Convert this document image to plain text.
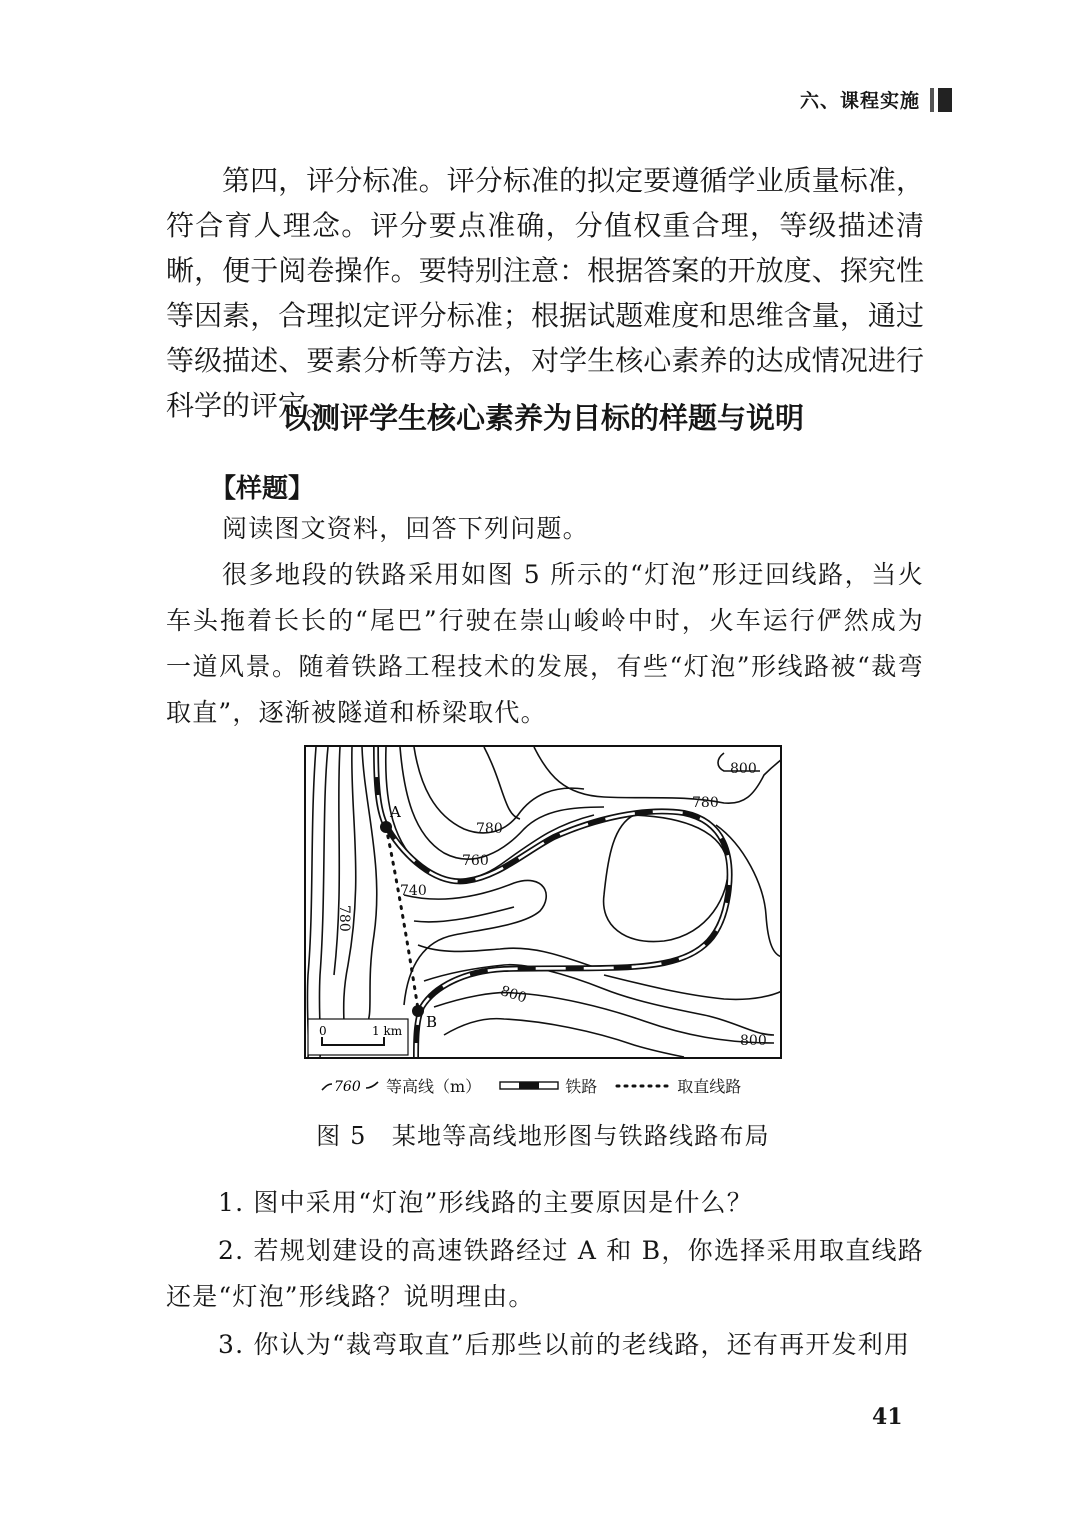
六、课程实施

第四，评分标准。评分标准的拟定要遵循学业质量标准，符合育人理念。评分要点准确，分值权重合理，等级描述清晰，便于阅卷操作。要特别注意：根据答案的开放度、探究性等因素，合理拟定评分标准；根据试题难度和思维含量，通过等级描述、要素分析等方法，对学生核心素养的达成情况进行科学的评定。

以测评学生核心素养为目标的样题与说明
【样题】

阅读图文资料，回答下列问题。

很多地段的铁路采用如图 5 所示的“灯泡”形迂回线路，当火车头拖着长长的“尾巴”行驶在崇山峻岭中时，火车运行俨然成为一道风景。随着铁路工程技术的发展，有些“灯泡”形线路被“裁弯取直”，逐渐被隧道和桥梁取代。

A
B
800
780
780
760
740
780
800
800
0	1 km
760 等高线（m）	铁路	取直线路
图 5　某地等高线地形图与铁路线路布局

1. 图中采用“灯泡”形线路的主要原因是什么？

2. 若规划建设的高速铁路经过 A 和 B，你选择采用取直线路还是“灯泡”形线路？说明理由。

3. 你认为“裁弯取直”后那些以前的老线路，还有再开发利用

41
